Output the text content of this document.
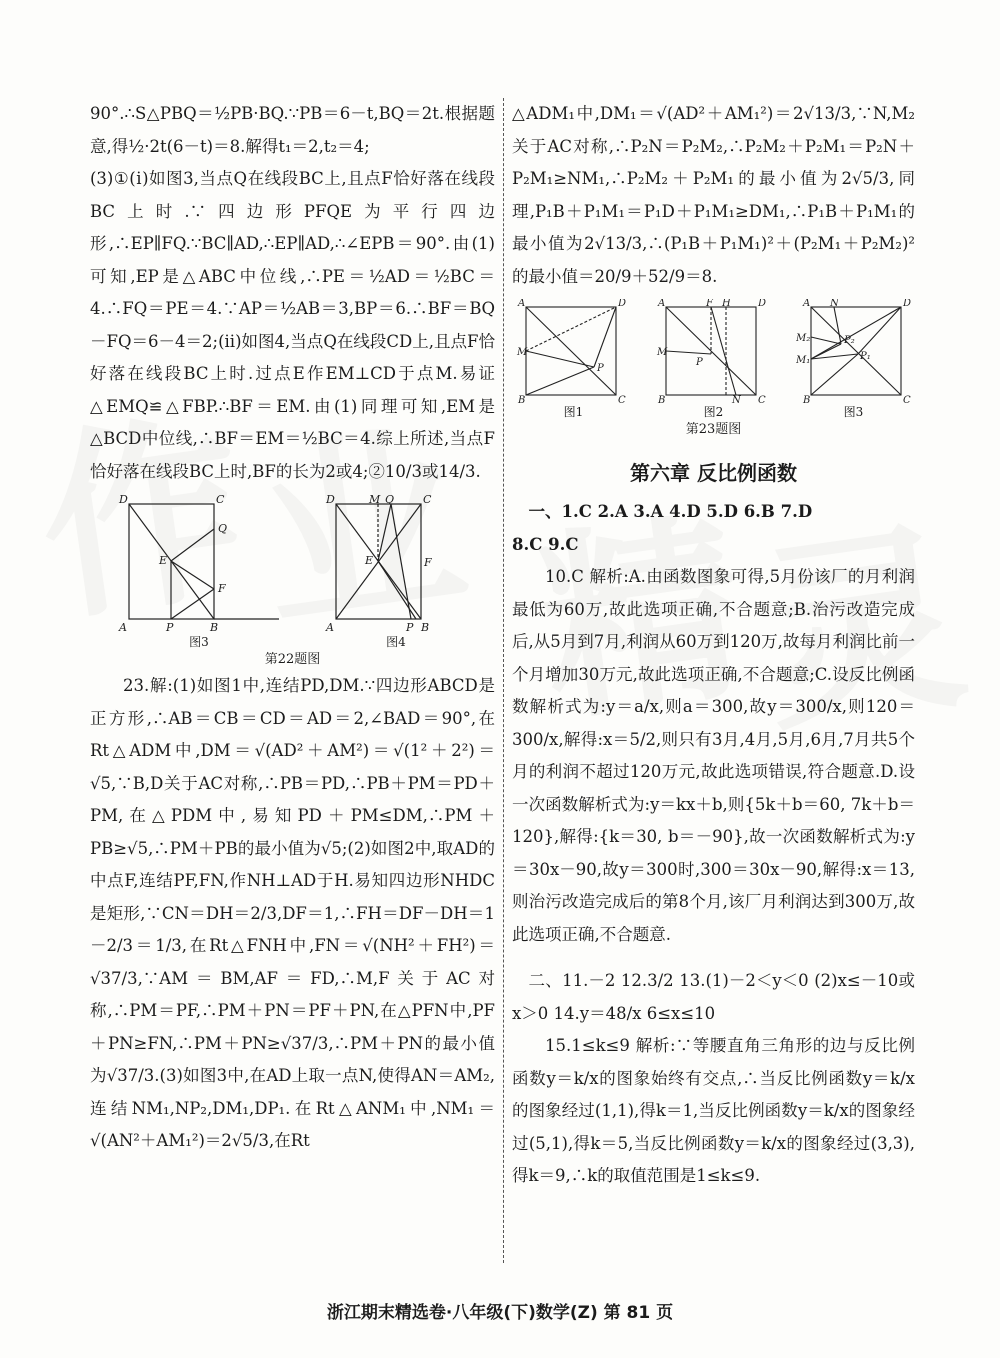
90°.∴S△PBQ＝½PB·BQ.∵PB＝6－t,BQ＝2t.根据题意,得½·2t(6－t)＝8.解得t₁＝2,t₂＝4;

(3)①(ⅰ)如图3,当点Q在线段BC上,且点F恰好落在线段BC上时.∵四边形PFQE为平行四边形,∴EP∥FQ.∵BC∥AD,∴EP∥AD,∴∠EPB＝90°.由(1)可知,EP是△ABC中位线,∴PE＝½AD＝½BC＝4.∴FQ＝PE＝4.∵AP＝½AB＝3,BP＝6.∴BF＝BQ－FQ＝6－4＝2;(ⅱ)如图4,当点Q在线段CD上,且点F恰好落在线段BC上时.过点E作EM⊥CD于点M.易证△EMQ≌△FBP.∴BF＝EM.由(1)同理可知,EM是△BCD中位线,∴BF＝EM＝½BC＝4.综上所述,当点F恰好落在线段BC上时,BF的长为2或4;②10/3或14/3.

D	C
Q
E
F
A	P	B
图3
D	M Q	C
E	F
A	P B
图4
第22题图

23.解:(1)如图1中,连结PD,DM.∵四边形ABCD是正方形,∴AB＝CB＝CD＝AD＝2,∠BAD＝90°,在Rt△ADM中,DM＝√(AD²＋AM²)＝√(1²＋2²)＝√5,∵B,D关于AC对称,∴PB＝PD,∴PB＋PM＝PD＋PM,在△PDM中,易知PD＋PM≤DM,∴PM＋PB≥√5,∴PM＋PB的最小值为√5;(2)如图2中,取AD的中点F,连结PF,FN,作NH⊥AD于H.易知四边形NHDC是矩形,∵CN＝DH＝2/3,DF＝1,∴FH＝DF－DH＝1－2/3＝1/3,在Rt△FNH中,FN＝√(NH²＋FH²)＝√37/3,∵AM＝BM,AF＝FD,∴M,F关于AC对称,∴PM＝PF,∴PM＋PN＝PF＋PN,在△PFN中,PF＋PN≥FN,∴PM＋PN≥√37/3,∴PM＋PN的最小值为√37/3.(3)如图3中,在AD上取一点N,使得AN＝AM₂,连结NM₁,NP₂,DM₁,DP₁.在Rt△ANM₁中,NM₁＝√(AN²＋AM₁²)＝2√5/3,在Rt

△ADM₁中,DM₁＝√(AD²＋AM₁²)＝2√13/3,∵N,M₂关于AC对称,∴P₂N＝P₂M₂,∴P₂M₂＋P₂M₁＝P₂N＋P₂M₁≥NM₁,∴P₂M₂＋P₂M₁的最小值为2√5/3,同理,P₁B＋P₁M₁＝P₁D＋P₁M₁≥DM₁,∴P₁B＋P₁M₁的最小值为2√13/3,∴(P₁B＋P₁M₁)²＋(P₂M₁＋P₂M₂)²的最小值＝20/9＋52/9＝8.

A	D
M
P
B	C
图1
A	F H	D
M
P
B	N C
图2
A N	D
M₂	P₂
M₁	P₁
B	C
图3
第23题图
第六章 反比例函数

一、1.C 2.A 3.A 4.D 5.D 6.B 7.D

8.C 9.C

10.C 解析:A.由函数图象可得,5月份该厂的月利润最低为60万,故此选项正确,不合题意;B.治污改造完成后,从5月到7月,利润从60万到120万,故每月利润比前一个月增加30万元,故此选项正确,不合题意;C.设反比例函数解析式为:y＝a/x,则a＝300,故y＝300/x,则120＝300/x,解得:x＝5/2,则只有3月,4月,5月,6月,7月共5个月的利润不超过120万元,故此选项错误,符合题意.D.设一次函数解析式为:y＝kx＋b,则{5k＋b＝60, 7k＋b＝120},解得:{k＝30, b＝－90},故一次函数解析式为:y＝30x－90,故y＝300时,300＝30x－90,解得:x＝13,则治污改造完成后的第8个月,该厂月利润达到300万,故此选项正确,不合题意.

二、11.－2 12.3/2 13.(1)－2＜y＜0 (2)x≤－10或x＞0 14.y＝48/x 6≤x≤10

15.1≤k≤9 解析:∵等腰直角三角形的边与反比例函数y＝k/x的图象始终有交点,∴当反比例函数y＝k/x的图象经过(1,1),得k＝1,当反比例函数y＝k/x的图象经过(5,1),得k＝5,当反比例函数y＝k/x的图象经过(3,3),得k＝9,∴k的取值范围是1≤k≤9.

浙江期末精选卷·八年级(下)数学(Z) 第 81 页
